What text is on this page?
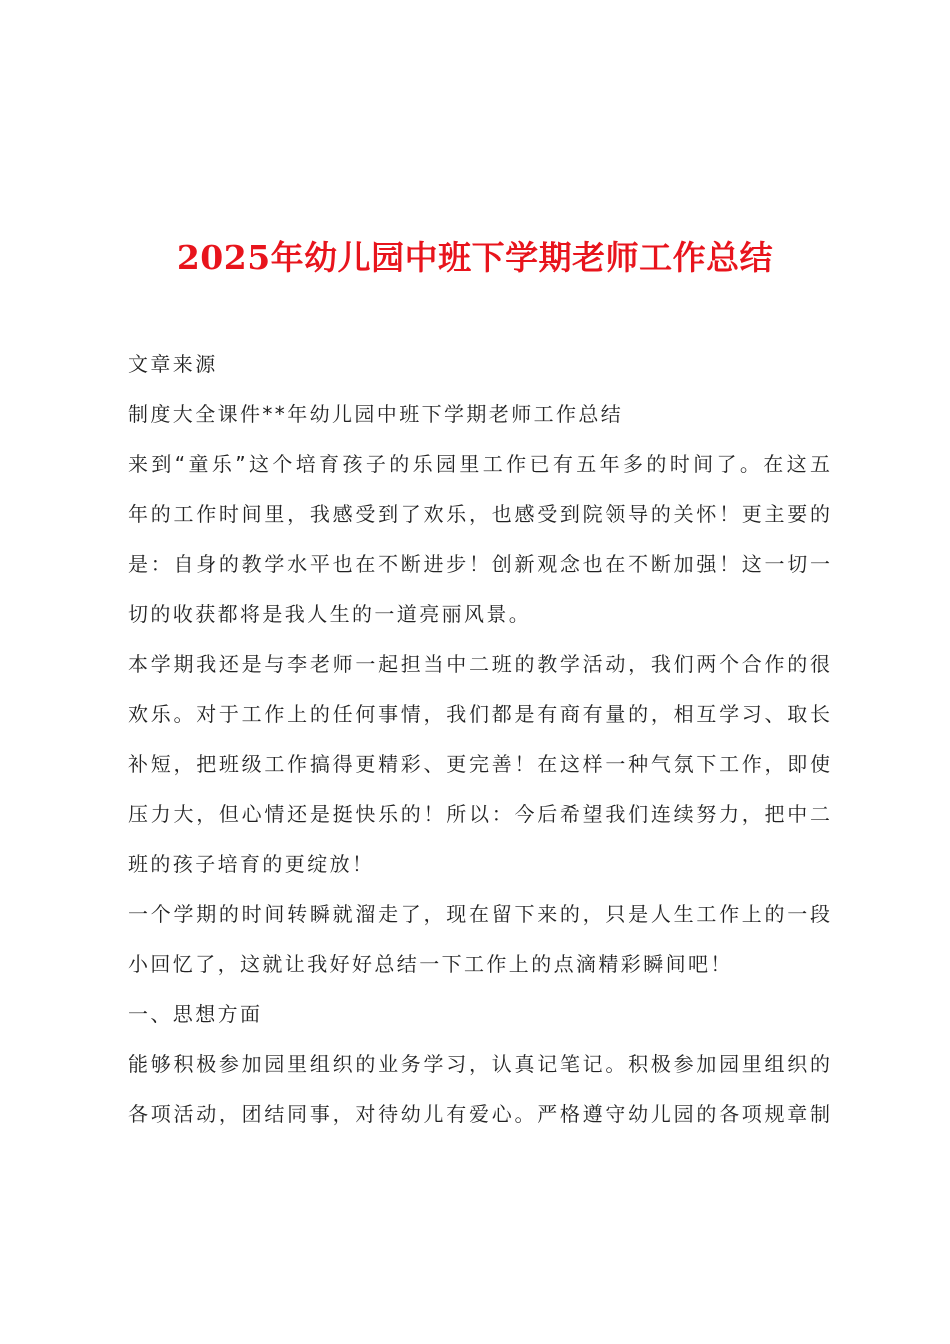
2025年幼儿园中班下学期老师工作总结
文章来源
制度大全课件**年幼儿园中班下学期老师工作总结
来到“童乐”这个培育孩子的乐园里工作已有五年多的时间了。在这五
年的工作时间里，我感受到了欢乐，也感受到院领导的关怀！更主要的
是：自身的教学水平也在不断进步！创新观念也在不断加强！这一切一
切的收获都将是我人生的一道亮丽风景。
本学期我还是与李老师一起担当中二班的教学活动，我们两个合作的很
欢乐。对于工作上的任何事情，我们都是有商有量的，相互学习、取长
补短，把班级工作搞得更精彩、更完善！在这样一种气氛下工作，即使
压力大，但心情还是挺快乐的！所以：今后希望我们连续努力，把中二
班的孩子培育的更绽放！
一个学期的时间转瞬就溜走了，现在留下来的，只是人生工作上的一段
小回忆了，这就让我好好总结一下工作上的点滴精彩瞬间吧！
一、思想方面
能够积极参加园里组织的业务学习，认真记笔记。积极参加园里组织的
各项活动，团结同事，对待幼儿有爱心。严格遵守幼儿园的各项规章制
